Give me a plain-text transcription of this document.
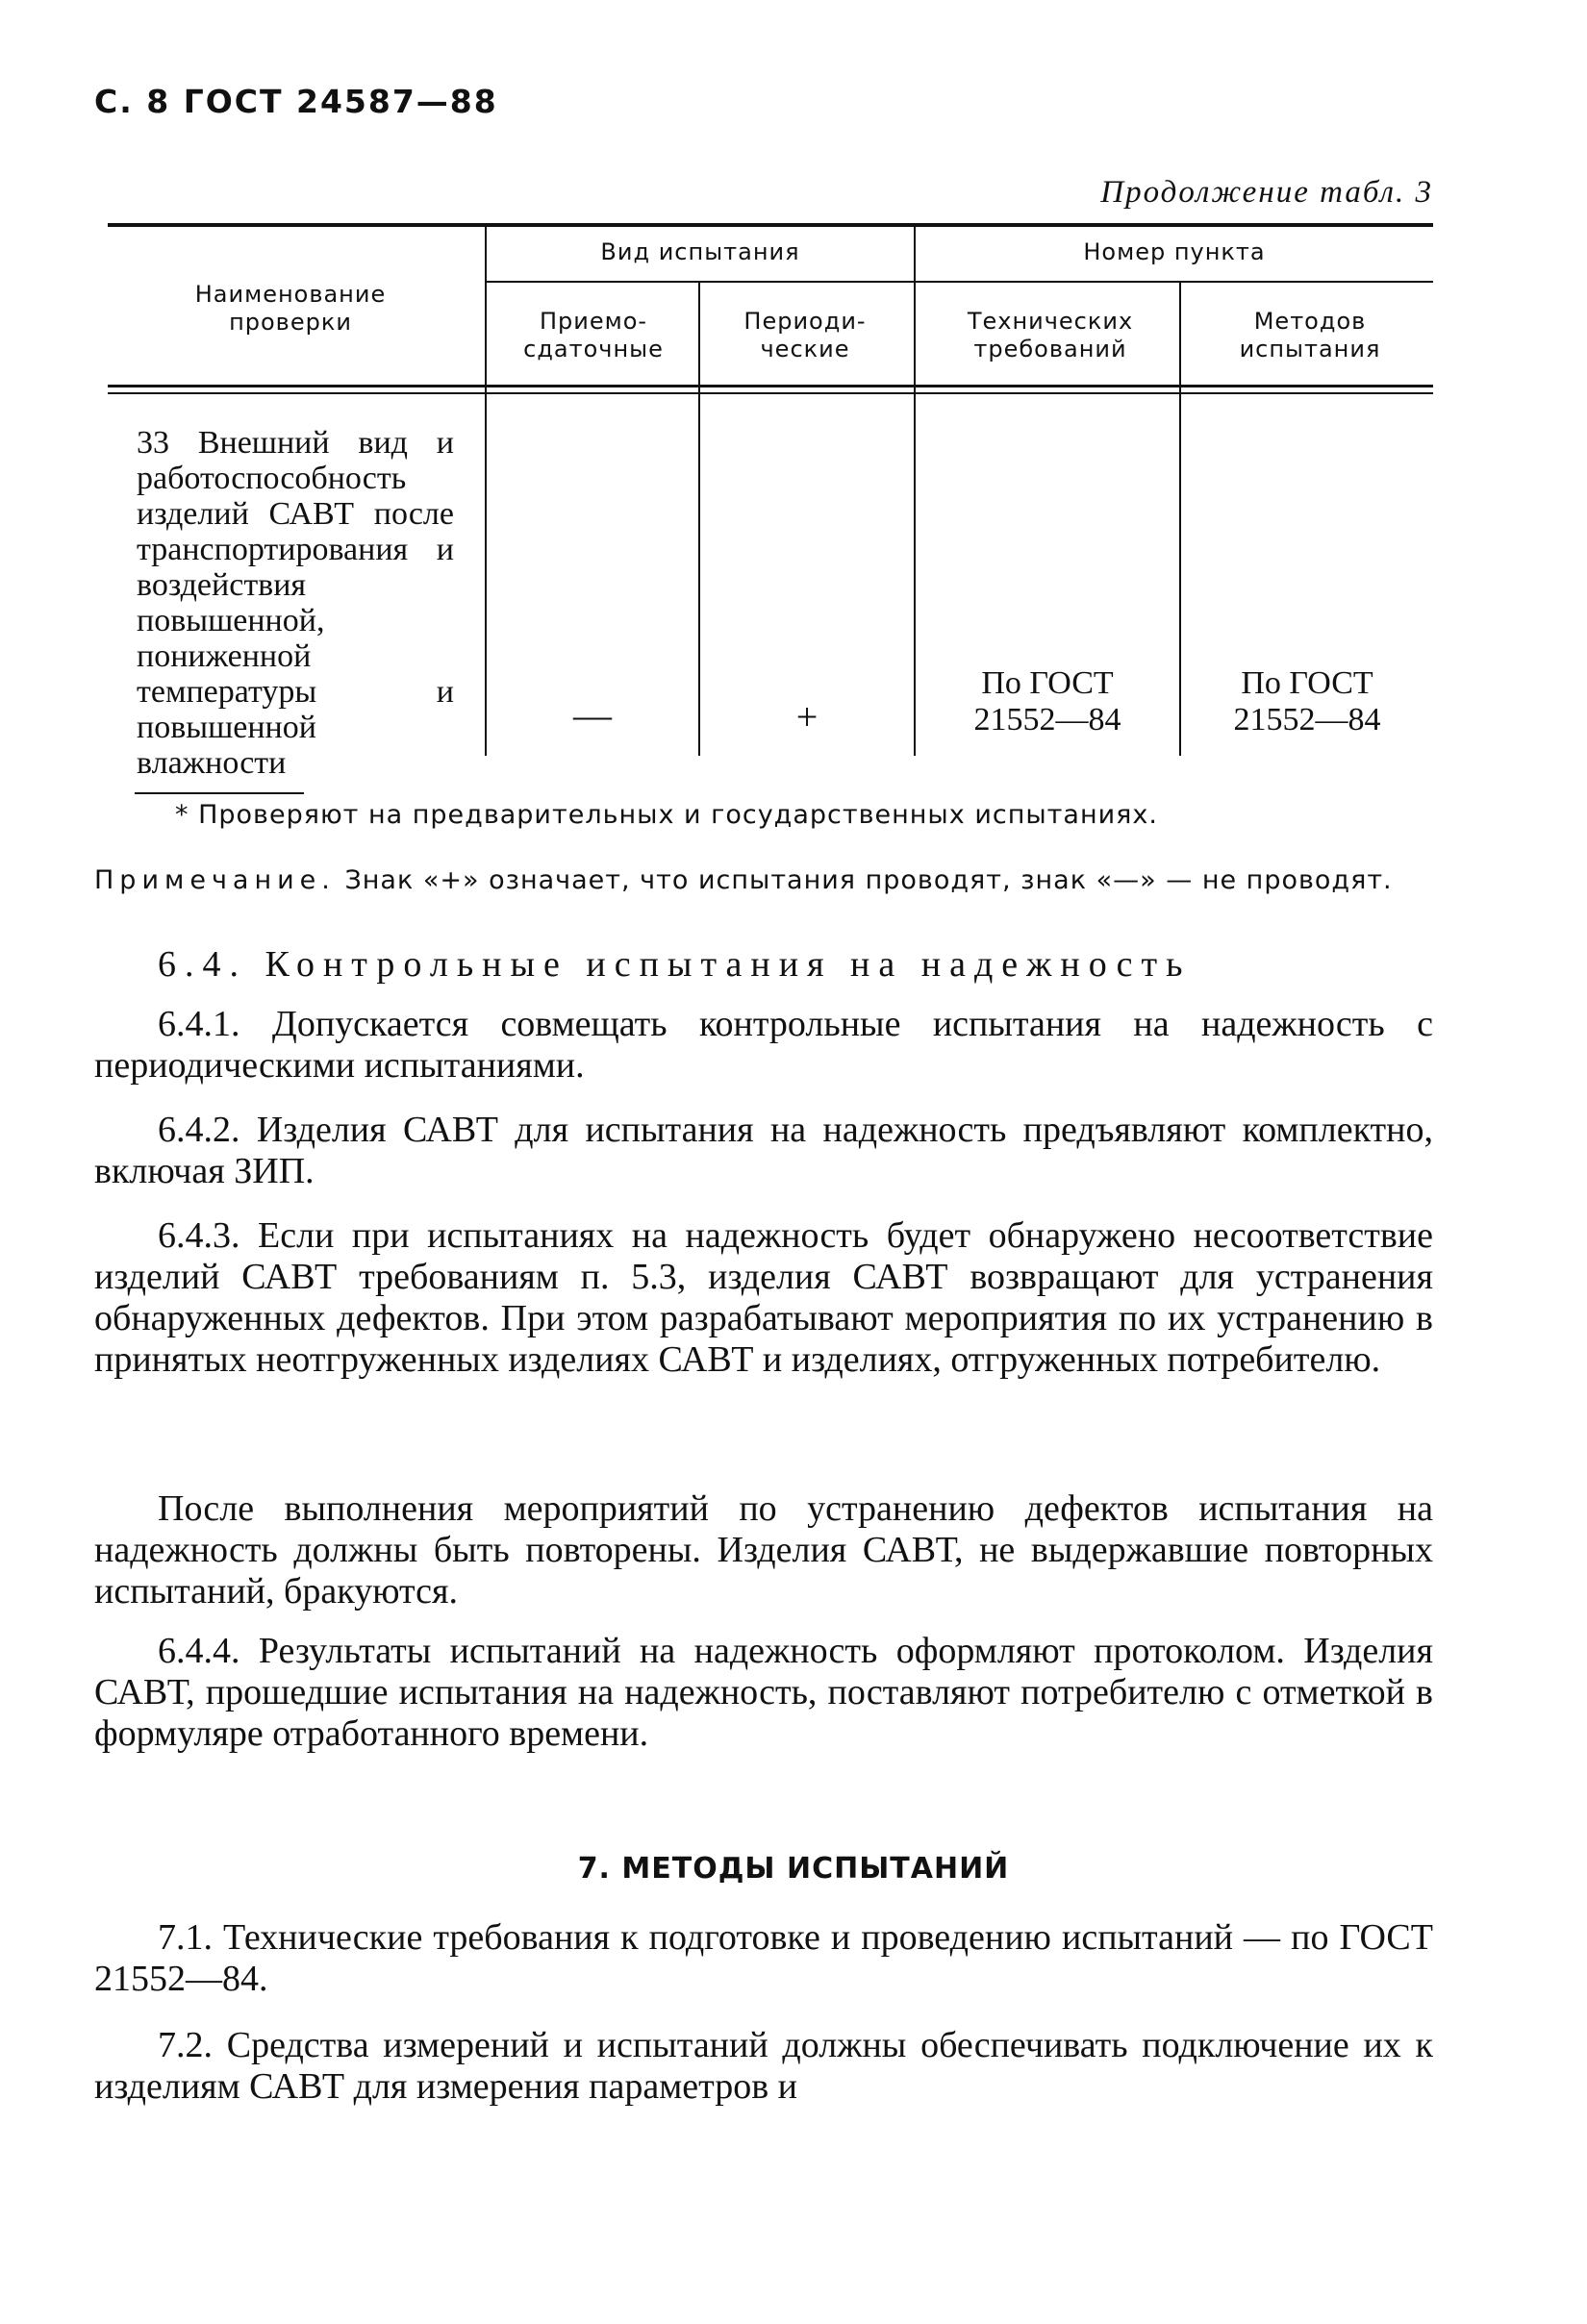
С. 8 ГОСТ 24587—88
Продолжение табл. 3
Наименование проверки
Вид испытания
Приемо-сдаточные
Периоди-ческие
Номер пункта
Технических требований
Методов испытания
33 Внешний вид и работоспособность изделий САВТ после транспортирования и воздействия повышенной, пониженной температуры и повышенной влажности
—	+
По ГОСТ
21552—84
По ГОСТ
21552—84
* Проверяют на предварительных и государственных испытаниях.
Примечание. Знак «+» означает, что испытания проводят, знак «—» — не проводят.
6.4. Контрольные испытания на надежность
6.4.1. Допускается совмещать контрольные испытания на надежность с периодическими испытаниями.
6.4.2. Изделия САВТ для испытания на надежность предъявляют комплектно, включая ЗИП.
6.4.3. Если при испытаниях на надежность будет обнаружено несоответствие изделий САВТ требованиям п. 5.3, изделия САВТ возвращают для устранения обнаруженных дефектов. При этом разрабатывают мероприятия по их устранению в принятых неотгруженных изделиях САВТ и изделиях, отгруженных потребителю.
После выполнения мероприятий по устранению дефектов испытания на надежность должны быть повторены. Изделия САВТ, не выдержавшие повторных испытаний, бракуются.
6.4.4. Результаты испытаний на надежность оформляют протоколом. Изделия САВТ, прошедшие испытания на надежность, поставляют потребителю с отметкой в формуляре отработанного времени.
7. МЕТОДЫ ИСПЫТАНИЙ
7.1. Технические требования к подготовке и проведению испытаний — по ГОСТ 21552—84.
7.2. Средства измерений и испытаний должны обеспечивать подключение их к изделиям САВТ для измерения параметров и
